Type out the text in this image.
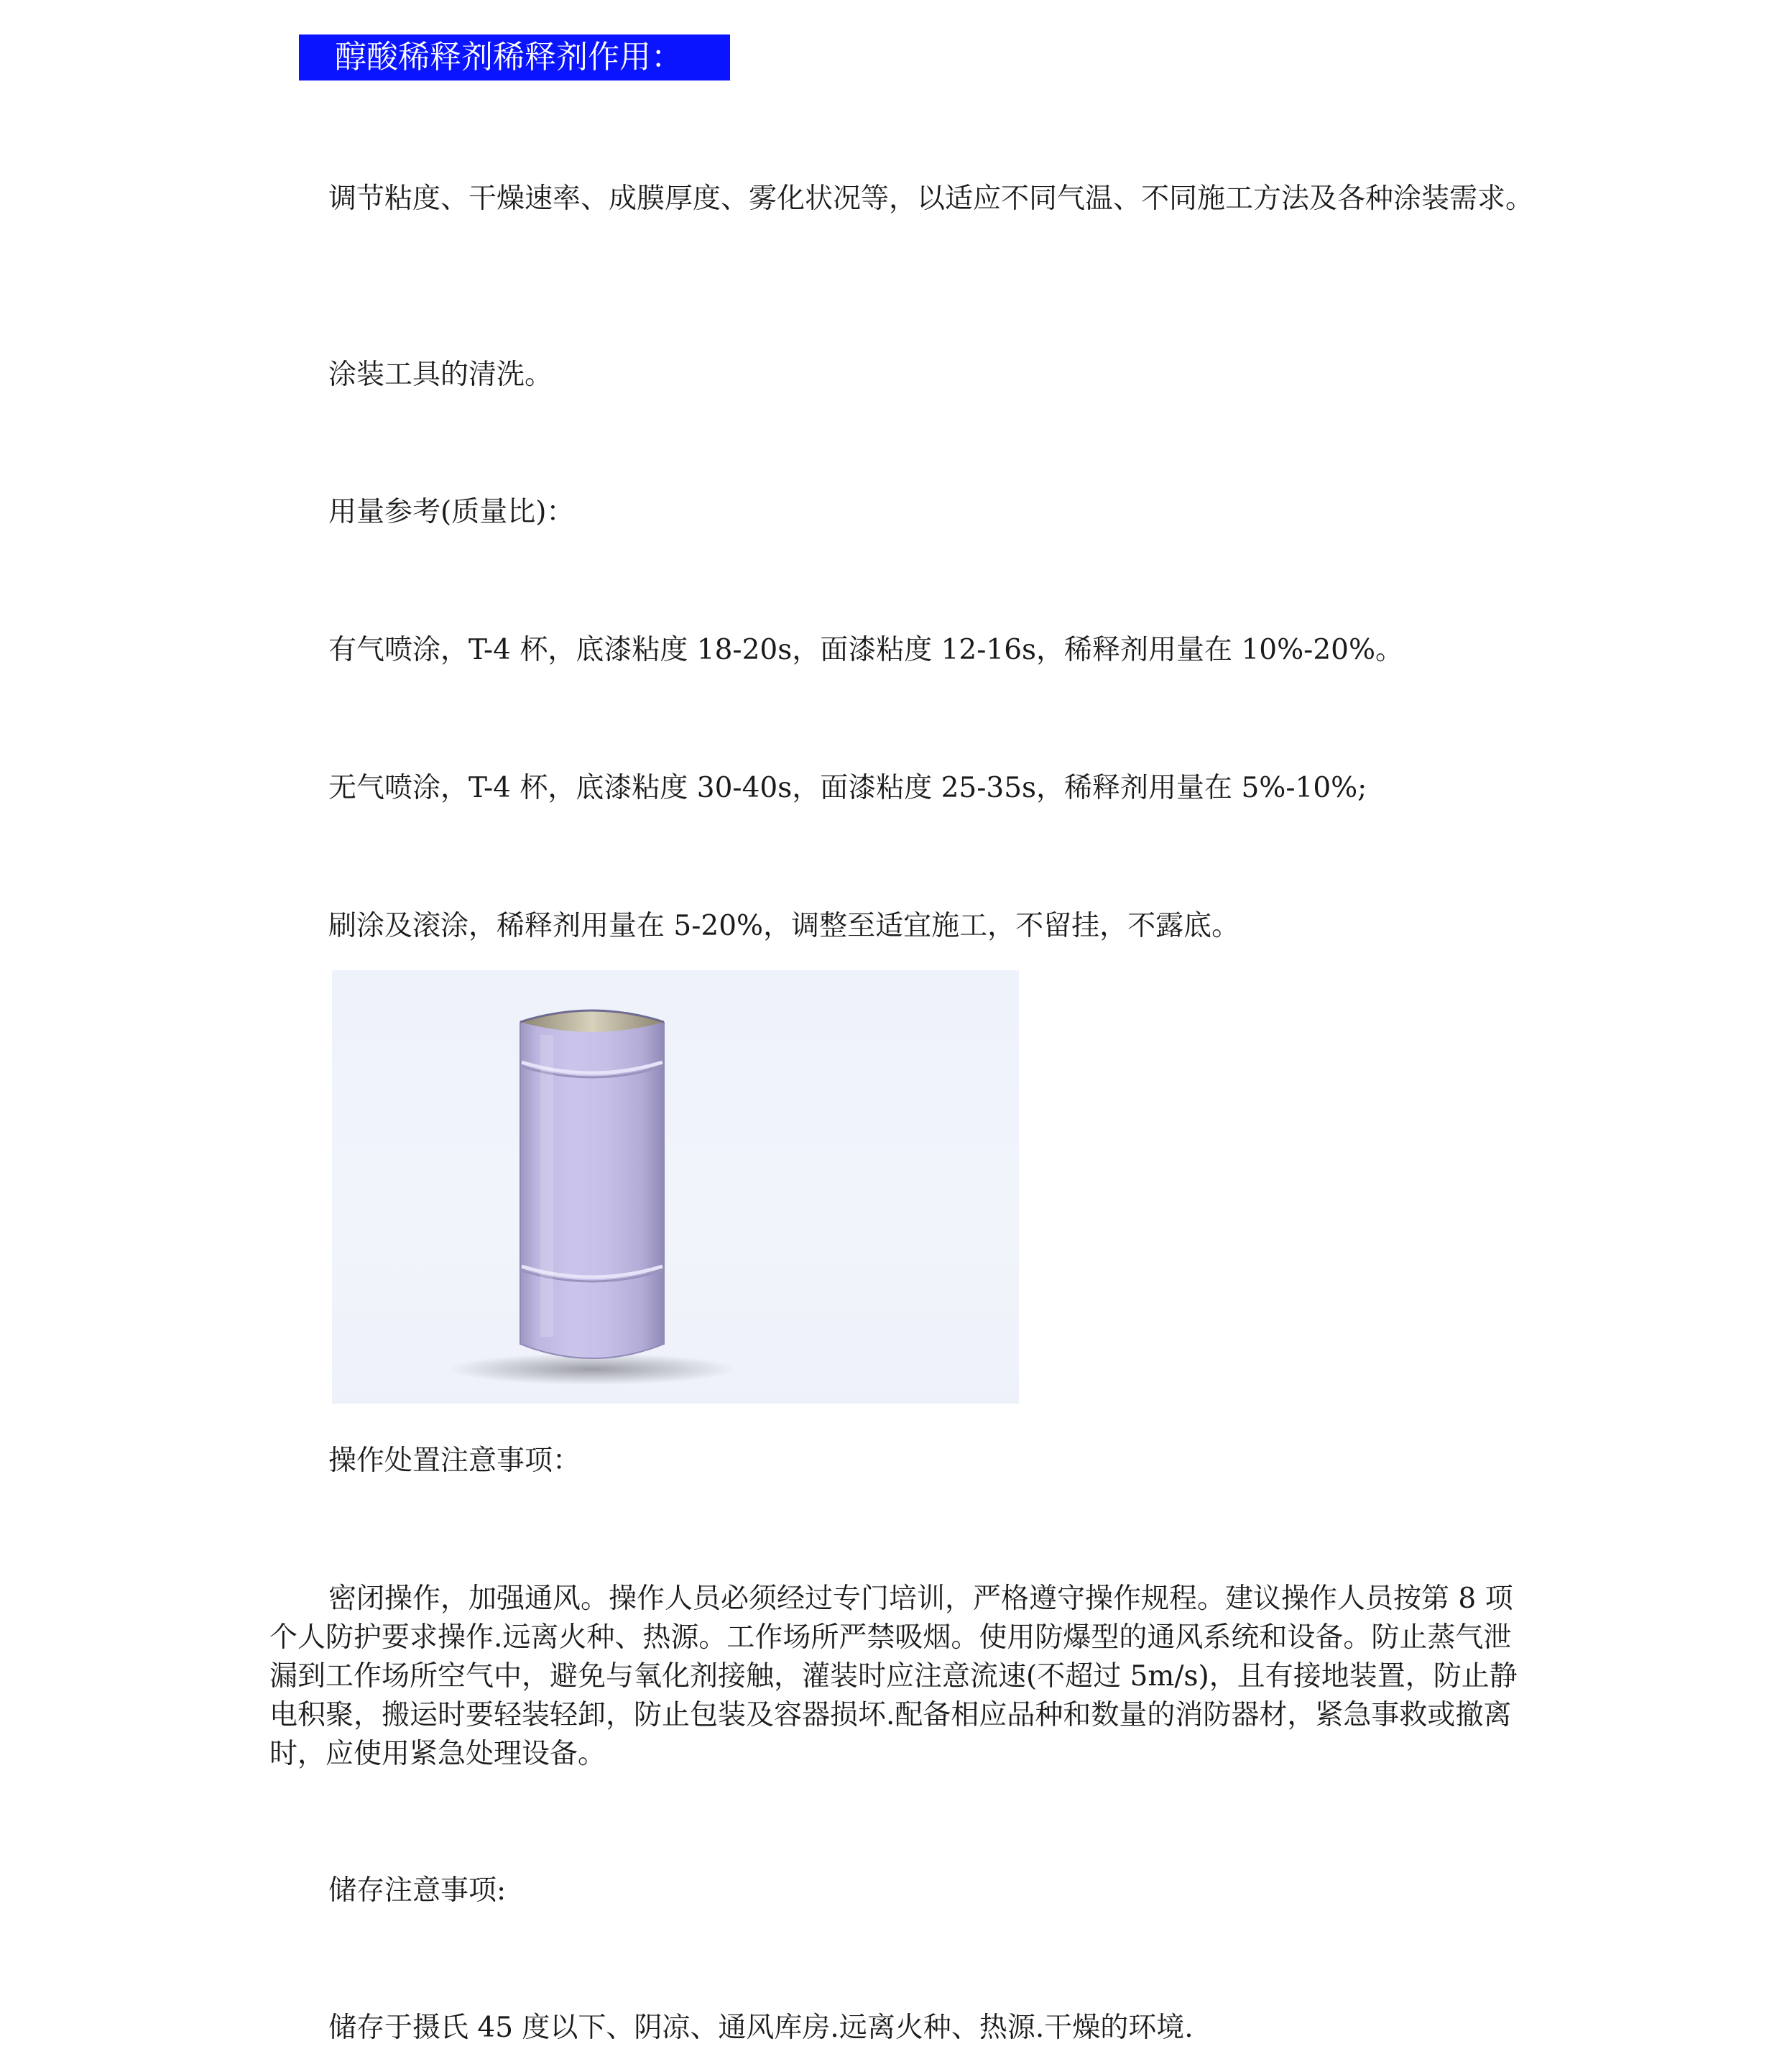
醇酸稀释剂稀释剂作用：

调节粘度、干燥速率、成膜厚度、雾化状况等，以适应不同气温、不同施工方法及各种涂装需求。

涂装工具的清洗。

用量参考(质量比)：

有气喷涂，T-4 杯，底漆粘度 18-20s，面漆粘度 12-16s，稀释剂用量在 10%-20%。

无气喷涂，T-4 杯，底漆粘度 30-40s，面漆粘度 25-35s，稀释剂用量在 5%-10%;

刷涂及滚涂，稀释剂用量在 5-20%，调整至适宜施工，不留挂，不露底。

操作处置注意事项：

密闭操作，加强通风。操作人员必须经过专门培训，严格遵守操作规程。建议操作人员按第 8 项个人防护要求操作.远离火种、热源。工作场所严禁吸烟。使用防爆型的通风系统和设备。防止蒸气泄漏到工作场所空气中，避免与氧化剂接触，灌装时应注意流速(不超过 5m/s)，且有接地装置，防止静电积聚，搬运时要轻装轻卸，防止包装及容器损坏.配备相应品种和数量的消防器材，紧急事救或撤离时，应使用紧急处理设备。

储存注意事项:

储存于摄氏 45 度以下、阴凉、通风库房.远离火种、热源.干燥的环境.
